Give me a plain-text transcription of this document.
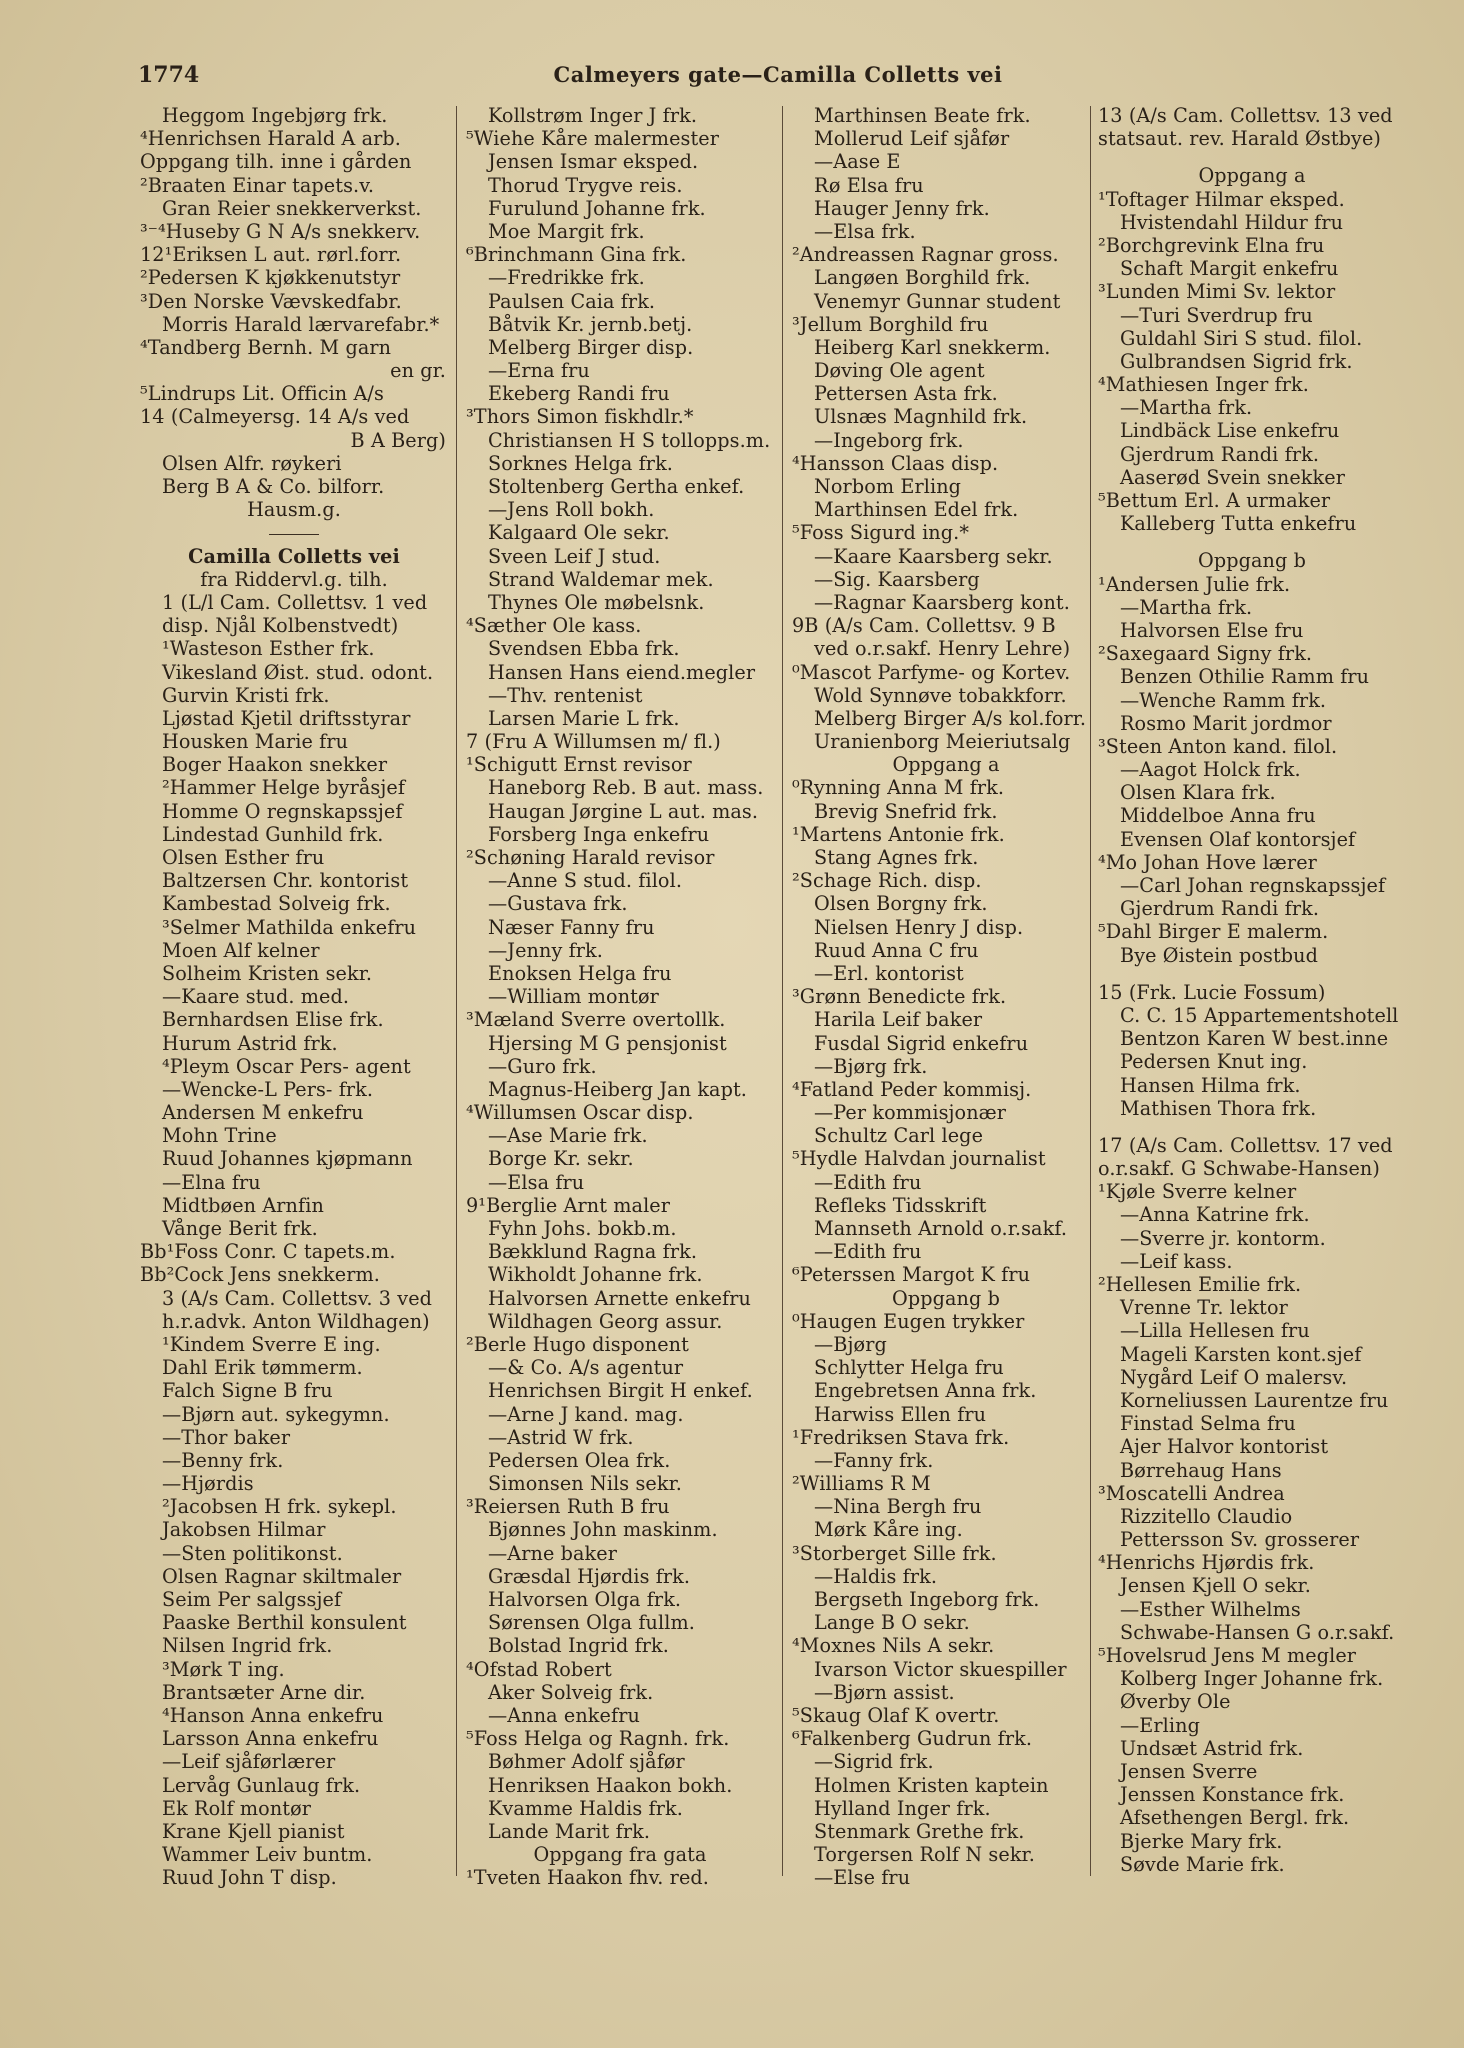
1774	Calmeyers gate—Camilla Colletts vei
Heggom Ingebjørg frk.
⁴Henrichsen Harald A arb.
Oppgang tilh. inne i gården
²Braaten Einar tapets.v.
Gran Reier snekkerverkst.
³⁻⁴Huseby G N A/s snekkerv.
12¹Eriksen L aut. rørl.forr.
²Pedersen K kjøkkenutstyr
³Den Norske Vævskedfabr.
Morris Harald lærvarefabr.*
⁴Tandberg Bernh. M garn
en gr.
⁵Lindrups Lit. Officin A/s
14 (Calmeyersg. 14 A/s ved
B A Berg)
Olsen Alfr. røykeri
Berg B A & Co. bilforr.
Hausm.g.
Camilla Colletts vei
fra Riddervl.g. tilh.
1 (L/l Cam. Collettsv. 1 ved
disp. Njål Kolbenstvedt)
¹Wasteson Esther frk.
Vikesland Øist. stud. odont.
Gurvin Kristi frk.
Ljøstad Kjetil driftsstyrar
Housken Marie fru
Boger Haakon snekker
²Hammer Helge byråsjef
Homme O regnskapssjef
Lindestad Gunhild frk.
Olsen Esther fru
Baltzersen Chr. kontorist
Kambestad Solveig frk.
³Selmer Mathilda enkefru
Moen Alf kelner
Solheim Kristen sekr.
—Kaare stud. med.
Bernhardsen Elise frk.
Hurum Astrid frk.
⁴Pleym Oscar Pers- agent
—Wencke-L Pers- frk.
Andersen M enkefru
Mohn Trine
Ruud Johannes kjøpmann
—Elna fru
Midtbøen Arnfin
Vånge Berit frk.
Bb¹Foss Conr. C tapets.m.
Bb²Cock Jens snekkerm.
3 (A/s Cam. Collettsv. 3 ved
h.r.advk. Anton Wildhagen)
¹Kindem Sverre E ing.
Dahl Erik tømmerm.
Falch Signe B fru
—Bjørn aut. sykegymn.
—Thor baker
—Benny frk.
—Hjørdis
²Jacobsen H frk. sykepl.
Jakobsen Hilmar
—Sten politikonst.
Olsen Ragnar skiltmaler
Seim Per salgssjef
Paaske Berthil konsulent
Nilsen Ingrid frk.
³Mørk T ing.
Brantsæter Arne dir.
⁴Hanson Anna enkefru
Larsson Anna enkefru
—Leif sjåførlærer
Lervåg Gunlaug frk.
Ek Rolf montør
Krane Kjell pianist
Wammer Leiv buntm.
Ruud John T disp.
Kollstrøm Inger J frk.
⁵Wiehe Kåre malermester
Jensen Ismar eksped.
Thorud Trygve reis.
Furulund Johanne frk.
Moe Margit frk.
⁶Brinchmann Gina frk.
—Fredrikke frk.
Paulsen Caia frk.
Båtvik Kr. jernb.betj.
Melberg Birger disp.
—Erna fru
Ekeberg Randi fru
³Thors Simon fiskhdlr.*
Christiansen H S tollopps.m.
Sorknes Helga frk.
Stoltenberg Gertha enkef.
—Jens Roll bokh.
Kalgaard Ole sekr.
Sveen Leif J stud.
Strand Waldemar mek.
Thynes Ole møbelsnk.
⁴Sæther Ole kass.
Svendsen Ebba frk.
Hansen Hans eiend.megler
—Thv. rentenist
Larsen Marie L frk.
7 (Fru A Willumsen m/ fl.)
¹Schigutt Ernst revisor
Haneborg Reb. B aut. mass.
Haugan Jørgine L aut. mas.
Forsberg Inga enkefru
²Schøning Harald revisor
—Anne S stud. filol.
—Gustava frk.
Næser Fanny fru
—Jenny frk.
Enoksen Helga fru
—William montør
³Mæland Sverre overtollk.
Hjersing M G pensjonist
—Guro frk.
Magnus-Heiberg Jan kapt.
⁴Willumsen Oscar disp.
—Ase Marie frk.
Borge Kr. sekr.
—Elsa fru
9¹Berglie Arnt maler
Fyhn Johs. bokb.m.
Bækklund Ragna frk.
Wikholdt Johanne frk.
Halvorsen Arnette enkefru
Wildhagen Georg assur.
²Berle Hugo disponent
—& Co. A/s agentur
Henrichsen Birgit H enkef.
—Arne J kand. mag.
—Astrid W frk.
Pedersen Olea frk.
Simonsen Nils sekr.
³Reiersen Ruth B fru
Bjønnes John maskinm.
—Arne baker
Græsdal Hjørdis frk.
Halvorsen Olga frk.
Sørensen Olga fullm.
Bolstad Ingrid frk.
⁴Ofstad Robert
Aker Solveig frk.
—Anna enkefru
⁵Foss Helga og Ragnh. frk.
Bøhmer Adolf sjåfør
Henriksen Haakon bokh.
Kvamme Haldis frk.
Lande Marit frk.
Oppgang fra gata
¹Tveten Haakon fhv. red.
Marthinsen Beate frk.
Mollerud Leif sjåfør
—Aase E
Rø Elsa fru
Hauger Jenny frk.
—Elsa frk.
²Andreassen Ragnar gross.
Langøen Borghild frk.
Venemyr Gunnar student
³Jellum Borghild fru
Heiberg Karl snekkerm.
Døving Ole agent
Pettersen Asta frk.
Ulsnæs Magnhild frk.
—Ingeborg frk.
⁴Hansson Claas disp.
Norbom Erling
Marthinsen Edel frk.
⁵Foss Sigurd ing.*
—Kaare Kaarsberg sekr.
—Sig. Kaarsberg
—Ragnar Kaarsberg kont.
9B (A/s Cam. Collettsv. 9 B
ved o.r.sakf. Henry Lehre)
⁰Mascot Parfyme- og Kortev.
Wold Synnøve tobakkforr.
Melberg Birger A/s kol.forr.
Uranienborg Meieriutsalg
Oppgang a
⁰Rynning Anna M frk.
Brevig Snefrid frk.
¹Martens Antonie frk.
Stang Agnes frk.
²Schage Rich. disp.
Olsen Borgny frk.
Nielsen Henry J disp.
Ruud Anna C fru
—Erl. kontorist
³Grønn Benedicte frk.
Harila Leif baker
Fusdal Sigrid enkefru
—Bjørg frk.
⁴Fatland Peder kommisj.
—Per kommisjonær
Schultz Carl lege
⁵Hydle Halvdan journalist
—Edith fru
Refleks Tidsskrift
Mannseth Arnold o.r.sakf.
—Edith fru
⁶Peterssen Margot K fru
Oppgang b
⁰Haugen Eugen trykker
—Bjørg
Schlytter Helga fru
Engebretsen Anna frk.
Harwiss Ellen fru
¹Fredriksen Stava frk.
—Fanny frk.
²Williams R M
—Nina Bergh fru
Mørk Kåre ing.
³Storberget Sille frk.
—Haldis frk.
Bergseth Ingeborg frk.
Lange B O sekr.
⁴Moxnes Nils A sekr.
Ivarson Victor skuespiller
—Bjørn assist.
⁵Skaug Olaf K overtr.
⁶Falkenberg Gudrun frk.
—Sigrid frk.
Holmen Kristen kaptein
Hylland Inger frk.
Stenmark Grethe frk.
Torgersen Rolf N sekr.
—Else fru
13 (A/s Cam. Collettsv. 13 ved
statsaut. rev. Harald Østbye)
Oppgang a
¹Toftager Hilmar eksped.
Hvistendahl Hildur fru
²Borchgrevink Elna fru
Schaft Margit enkefru
³Lunden Mimi Sv. lektor
—Turi Sverdrup fru
Guldahl Siri S stud. filol.
Gulbrandsen Sigrid frk.
⁴Mathiesen Inger frk.
—Martha frk.
Lindbäck Lise enkefru
Gjerdrum Randi frk.
Aaserød Svein snekker
⁵Bettum Erl. A urmaker
Kalleberg Tutta enkefru
Oppgang b
¹Andersen Julie frk.
—Martha frk.
Halvorsen Else fru
²Saxegaard Signy frk.
Benzen Othilie Ramm fru
—Wenche Ramm frk.
Rosmo Marit jordmor
³Steen Anton kand. filol.
—Aagot Holck frk.
Olsen Klara frk.
Middelboe Anna fru
Evensen Olaf kontorsjef
⁴Mo Johan Hove lærer
—Carl Johan regnskapssjef
Gjerdrum Randi frk.
⁵Dahl Birger E malerm.
Bye Øistein postbud
15 (Frk. Lucie Fossum)
C. C. 15 Appartementshotell
Bentzon Karen W best.inne
Pedersen Knut ing.
Hansen Hilma frk.
Mathisen Thora frk.
17 (A/s Cam. Collettsv. 17 ved
o.r.sakf. G Schwabe-Hansen)
¹Kjøle Sverre kelner
—Anna Katrine frk.
—Sverre jr. kontorm.
—Leif kass.
²Hellesen Emilie frk.
Vrenne Tr. lektor
—Lilla Hellesen fru
Mageli Karsten kont.sjef
Nygård Leif O malersv.
Korneliussen Laurentze fru
Finstad Selma fru
Ajer Halvor kontorist
Børrehaug Hans
³Moscatelli Andrea
Rizzitello Claudio
Pettersson Sv. grosserer
⁴Henrichs Hjørdis frk.
Jensen Kjell O sekr.
—Esther Wilhelms
Schwabe-Hansen G o.r.sakf.
⁵Hovelsrud Jens M megler
Kolberg Inger Johanne frk.
Øverby Ole
—Erling
Undsæt Astrid frk.
Jensen Sverre
Jenssen Konstance frk.
Afsethengen Bergl. frk.
Bjerke Mary frk.
Søvde Marie frk.
